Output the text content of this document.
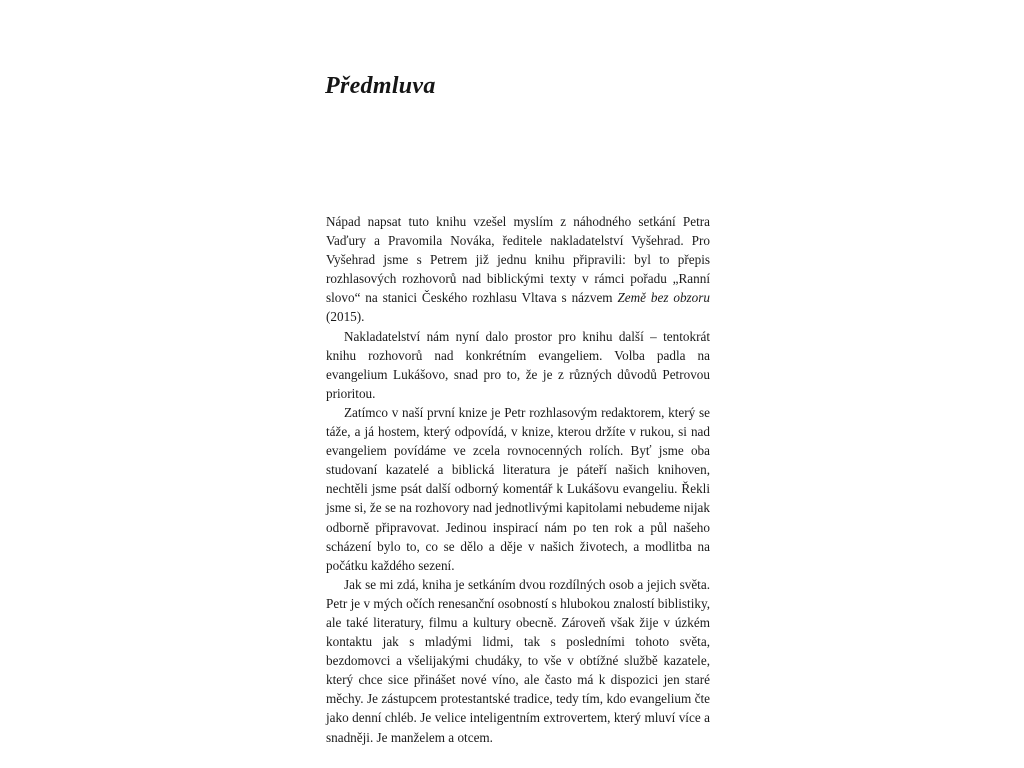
Předmluva

Nápad napsat tuto knihu vzešel myslím z náhodného setkání Petra Vaďury a Pravomila Nováka, ředitele nakladatelství Vyšehrad. Pro Vyšehrad jsme s Petrem již jednu knihu připravili: byl to přepis rozhlasových rozhovorů nad biblickými texty v rámci pořadu „Ranní slovo“ na stanici Českého rozhlasu Vltava s názvem Země bez obzoru (2015).

Nakladatelství nám nyní dalo prostor pro knihu další – tentokrát knihu rozhovorů nad konkrétním evangeliem. Volba padla na evangelium Lukášovo, snad pro to, že je z různých důvodů Petrovou prioritou.

Zatímco v naší první knize je Petr rozhlasovým redaktorem, který se táže, a já hostem, který odpovídá, v knize, kterou držíte v rukou, si nad evangeliem povídáme ve zcela rovnocenných rolích. Byť jsme oba studovaní kazatelé a biblická literatura je páteří našich knihoven, nechtěli jsme psát další odborný komentář k Lukášovu evangeliu. Řekli jsme si, že se na rozhovory nad jednotlivými kapitolami nebudeme nijak odborně připravovat. Jedinou inspirací nám po ten rok a půl našeho scházení bylo to, co se dělo a děje v našich životech, a modlitba na počátku každého sezení.

Jak se mi zdá, kniha je setkáním dvou rozdílných osob a jejich světa. Petr je v mých očích renesanční osobností s hlubokou znalostí biblistiky, ale také literatury, filmu a kultury obecně. Zároveň však žije v úzkém kontaktu jak s mladými lidmi, tak s posledními tohoto světa, bezdomovci a všelijakými chudáky, to vše v obtížné službě kazatele, který chce sice přinášet nové víno, ale často má k dispozici jen staré měchy. Je zástupcem protestantské tradice, tedy tím, kdo evangelium čte jako denní chléb. Je velice inteligentním extrovertem, který mluví více a snadněji. Je manželem a otcem.
